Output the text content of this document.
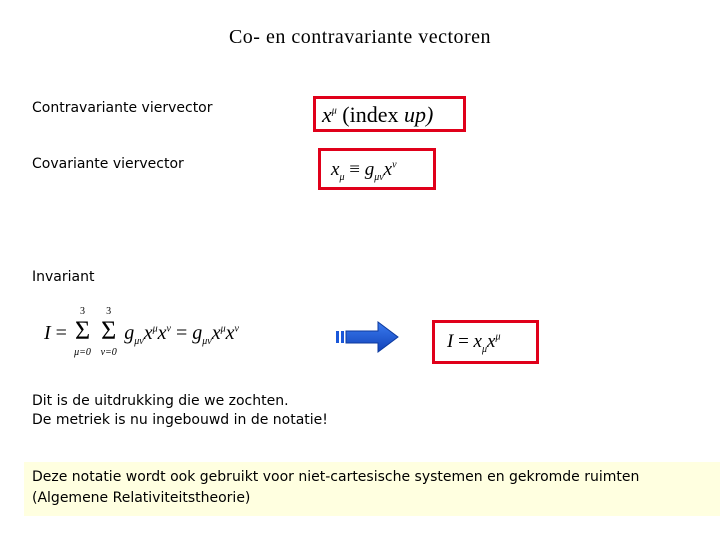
Co- en contravariante vectoren
Contravariante viervector	$x^\mu$ (index up)
Covariante viervector	$x_\mu \equiv g_{\mu\nu}x^\nu$
Invariant
I =
3
Σ
μ=0

3
Σ
ν=0
$g_{\mu\nu}x^\mu x^\nu = g_{\mu\nu}x^\mu x^\nu$
$I = x_\mu x^\mu$
Dit is de uitdrukking die we zochten.
De metriek is nu ingebouwd in de notatie!
Deze notatie wordt ook gebruikt voor niet-cartesische systemen en gekromde ruimten
(Algemene Relativiteitstheorie)
